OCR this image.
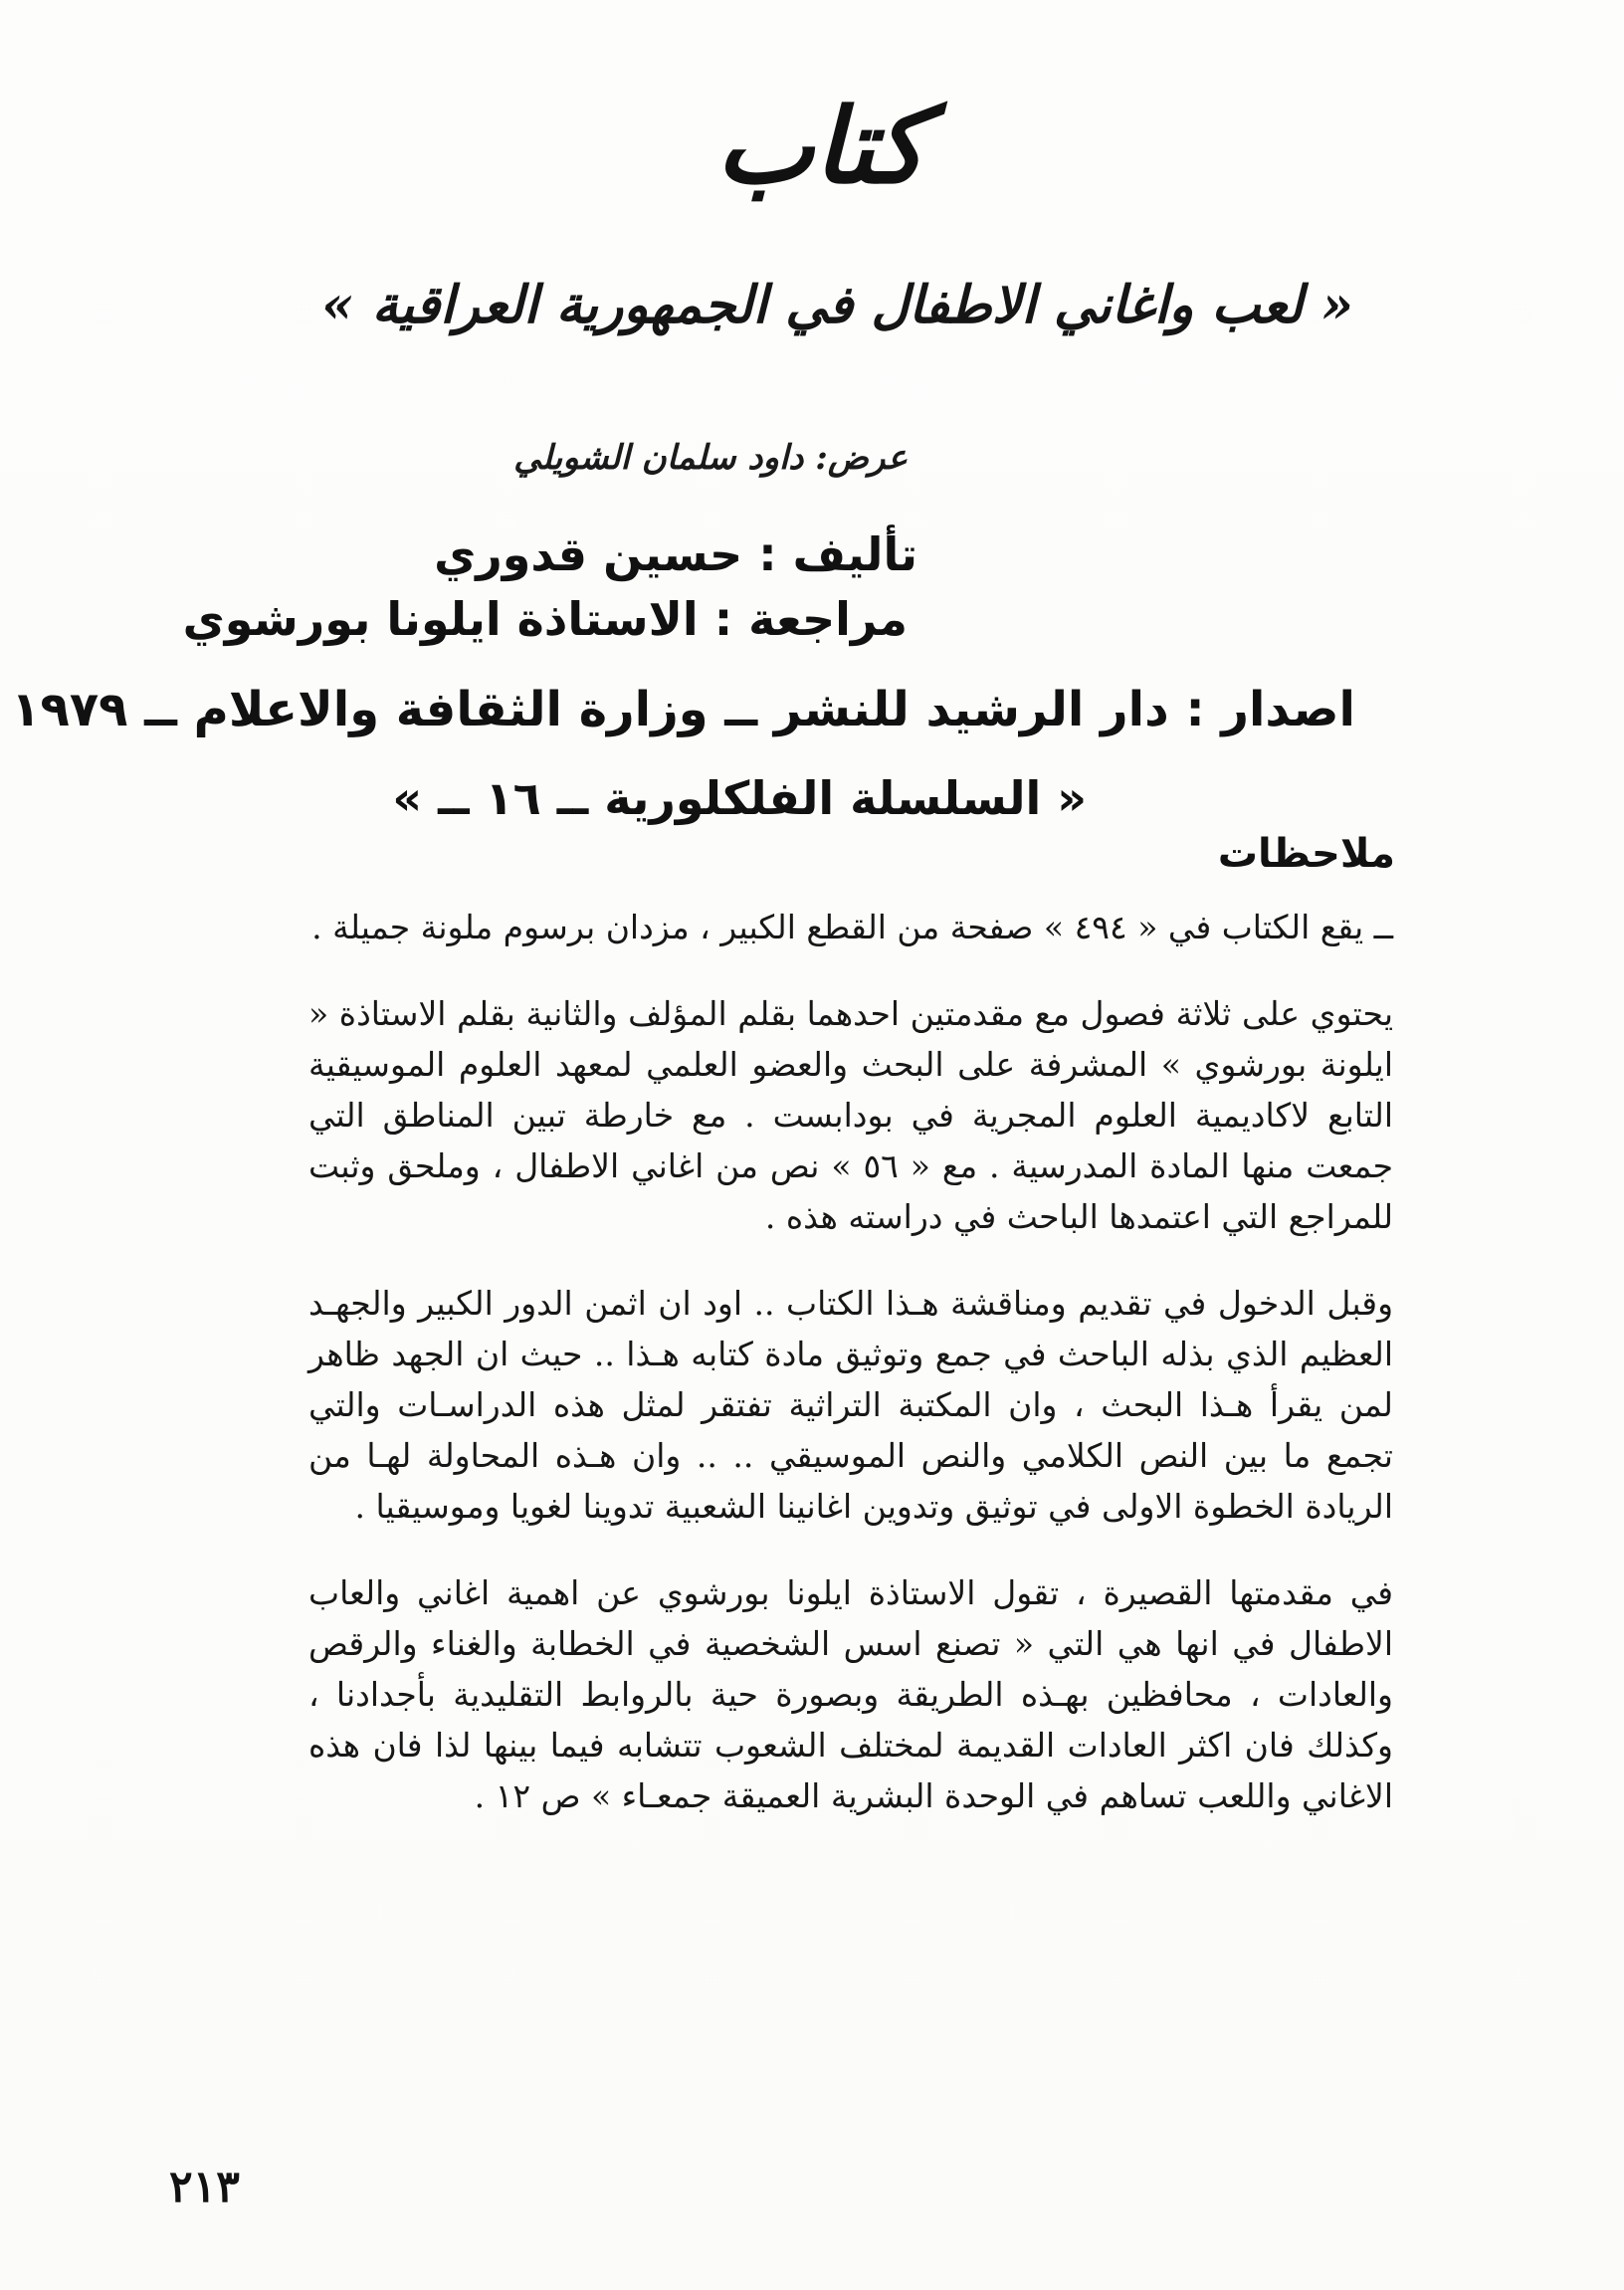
كتاب
« لعب واغاني الاطفال في الجمهورية العراقية »
عرض: داود سلمان الشويلي
تأليف : حسين قدوري
مراجعة : الاستاذة ايلونا بورشوي
اصدار : دار الرشيد للنشر ــ وزارة الثقافة والاعلام ــ ١٩٧٩
« السلسلة الفلكلورية ــ ١٦ ــ »
ملاحظات

ــ يقع الكتاب في « ٤٩٤ » صفحة من القطع الكبير ، مزدان برسوم ملونة جميلة .

يحتوي على ثلاثة فصول مع مقدمتين احدهما بقلم المؤلف والثانية بقلم الاستاذة « ايلونة بورشوي » المشرفة على البحث والعضو العلمي لمعهد العلوم الموسيقية التابع لاكاديمية العلوم المجرية في بودابست . مع خارطة تبين المناطق التي جمعت منها المادة المدرسية . مع « ٥٦ » نص من اغاني الاطفال ، وملحق وثبت للمراجع التي اعتمدها الباحث في دراسته هذه .

وقبل الدخول في تقديم ومناقشة هـذا الكتاب .. اود ان اثمن الدور الكبير والجهـد العظيم الذي بذله الباحث في جمع وتوثيق مادة كتابه هـذا .. حيث ان الجهد ظاهر لمن يقرأ هـذا البحث ، وان المكتبة التراثية تفتقر لمثل هذه الدراسـات والتي تجمع ما بين النص الكلامي والنص الموسيقي .. .. وان هـذه المحاولة لهـا من الريادة الخطوة الاولى في توثيق وتدوين اغانينا الشعبية تدوينا لغويا وموسيقيا .

في مقدمتها القصيرة ، تقول الاستاذة ايلونا بورشوي عن اهمية اغاني والعاب الاطفال في انها هي التي « تصنع اسس الشخصية في الخطابة والغناء والرقص والعادات ، محافظين بهـذه الطريقة وبصورة حية بالروابط التقليدية بأجدادنا ، وكذلك فان اكثر العادات القديمة لمختلف الشعوب تتشابه فيما بينها لذا فان هذه الاغاني واللعب تساهم في الوحدة البشرية العميقة جمعـاء » ص ١٢ .

٢١٣
